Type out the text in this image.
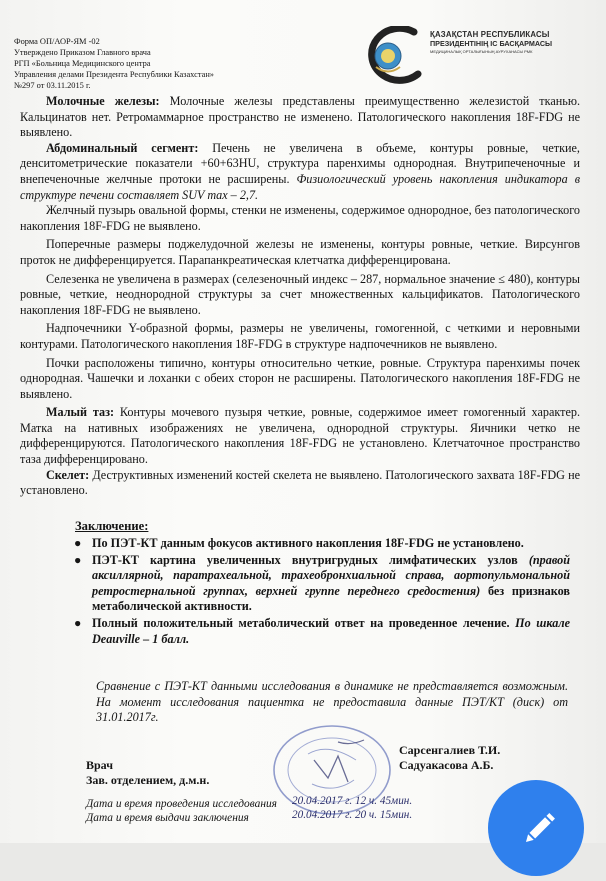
Форма ОП/АОР-ЯМ -02
Утверждено Приказом Главного врача
РГП «Больница Медицинского центра
Управления делами Президента Республики Казахстан»
№297 от 03.11.2015 г.
ҚАЗАҚСТАН РЕСПУБЛИКАСЫ
ПРЕЗИДЕНТІНІҢ ІС БАСҚАРМАСЫ
МЕДИЦИНАЛЫҚ ОРТАЛЫҒЫНЫҢ АУРУХАНАСЫ РМК

Молочные железы: Молочные железы представлены преимущественно железистой тканью. Кальцинатов нет. Ретромаммарное пространство не изменено. Патологического накопления 18F-FDG не выявлено.

Абдоминальный сегмент: Печень не увеличена в объеме, контуры ровные, четкие, денситометрические показатели +60+63HU, структура паренхимы однородная. Внутрипеченочные и внепеченочные желчные протоки не расширены. Физиологический уровень накопления индикатора в структуре печени составляет SUV max – 2,7.

Желчный пузырь овальной формы, стенки не изменены, содержимое однородное, без патологического накопления 18F-FDG не выявлено.

Поперечные размеры поджелудочной железы не изменены, контуры ровные, четкие. Вирсунгов проток не дифференцируется. Парапанкреатическая клетчатка дифференцирована.

Селезенка не увеличена в размерах (селезеночный индекс – 287, нормальное значение ≤ 480), контуры ровные, четкие, неоднородной структуры за счет множественных кальцификатов. Патологического накопления 18F-FDG не выявлено.

Надпочечники Y-образной формы, размеры не увеличены, гомогенной, с четкими и неровными контурами. Патологического накопления 18F-FDG в структуре надпочечников не выявлено.

Почки расположены типично, контуры относительно четкие, ровные. Структура паренхимы почек однородная. Чашечки и лоханки с обеих сторон не расширены. Патологического накопления 18F-FDG не выявлено.

Малый таз: Контуры мочевого пузыря четкие, ровные, содержимое имеет гомогенный характер. Матка на нативных изображениях не увеличена, однородной структуры. Яичники четко не дифференцируются. Патологического накопления 18F-FDG не установлено. Клетчаточное пространство таза дифференцировано.

Скелет: Деструктивных изменений костей скелета не выявлено. Патологического захвата 18F-FDG не установлено.

Заключение:
● По ПЭТ-КТ данным фокусов активного накопления 18F-FDG не установлено.
● ПЭТ-КТ картина увеличенных внутригрудных лимфатических узлов (правой аксиллярной, паратрахеальной, трахеобронхиальной справа, аортопульмональной ретростернальной группах, верхней группе переднего средостения) без признаков метаболической активности.
● Полный положительный метаболический ответ на проведенное лечение. По шкале Deauville – 1 балл.
Сравнение с ПЭТ-КТ данными исследования в динамике не представляется возможным. На момент исследования пациентка не предоставила данные ПЭТ/КТ (диск) от 31.01.2017г.
Врач
Зав. отделением, д.м.н.
Сарсенгалиев Т.И.
Садуакасова А.Б.
Дата и время проведения исследования
Дата и время выдачи заключения
20.04.2017 г. 12 ч. 45мин.
20.04.2017 г. 20 ч. 15мин.
